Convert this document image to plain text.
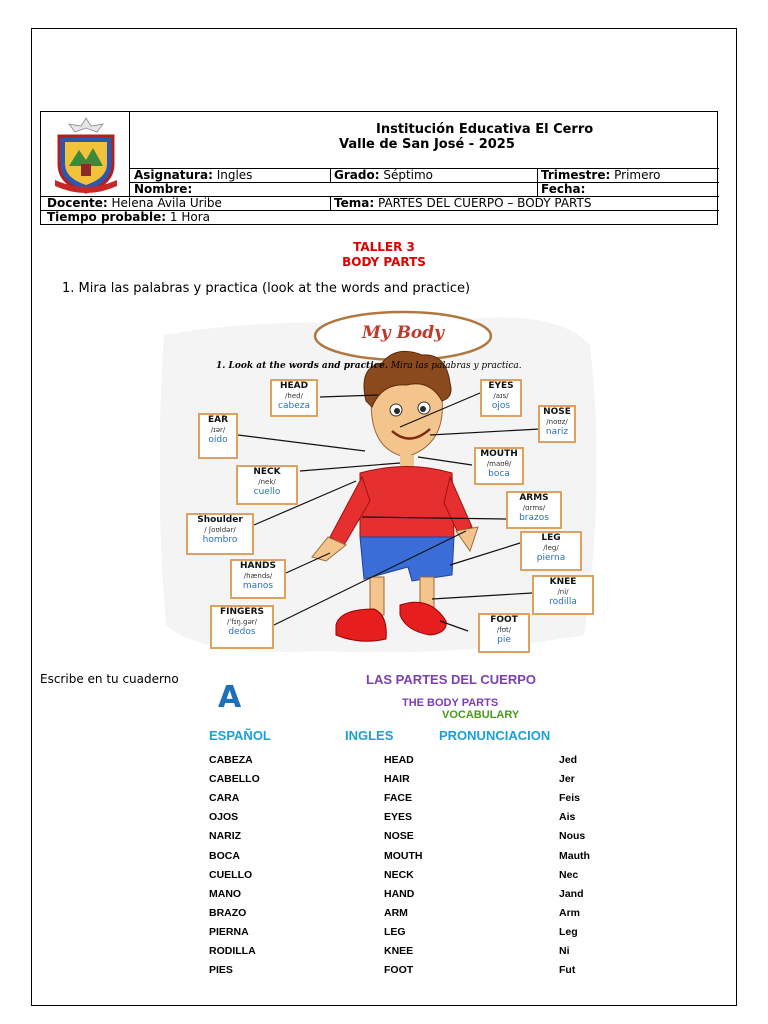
Institución Educativa El Cerro
Valle de San José - 2025
Asignatura: Ingles	Grado: Séptimo	Trimestre: Primero
Nombre:	Fecha:
Docente: Helena Avila Uribe	Tema: PARTES DEL CUERPO – BODY PARTS
Tiempo probable: 1 Hora
TALLER 3
BODY PARTS
1. Mira las palabras y practica (look at the words and practice)
My Body
1. Look at the words and practice. Mira las palabras y practica.
HEAD
/hed/
cabeza
EYES
/aɪs/
ojos
EAR
/ɪər/
oído
NOSE
/noʊz/
nariz
MOUTH
/maʊθ/
boca
NECK
/nek/
cuello
ARMS
/ɑrms/
brazos
Shoulder
/ ʃoʊldər/
hombro	LEG
/leg/
pierna
HANDS
/hænds/
manos	KNEE
/ni/
rodilla
FINGERS
/ˈfɪŋ.gər/
dedos
FOOT
/fʊt/
pie
Escribe en tu cuaderno
A
LAS PARTES DEL CUERPO
THE BODY PARTS
VOCABULARY
ESPAÑOL	INGLES	PRONUNCIACION
CABEZA	HEAD	Jed
CABELLO	HAIR	Jer
CARA	FACE	Feis
OJOS	EYES	Ais
NARIZ	NOSE	Nous
BOCA	MOUTH	Mauth
CUELLO	NECK	Nec
MANO	HAND	Jand
BRAZO	ARM	Arm
PIERNA	LEG	Leg
RODILLA	KNEE	Ni
PIES	FOOT	Fut
